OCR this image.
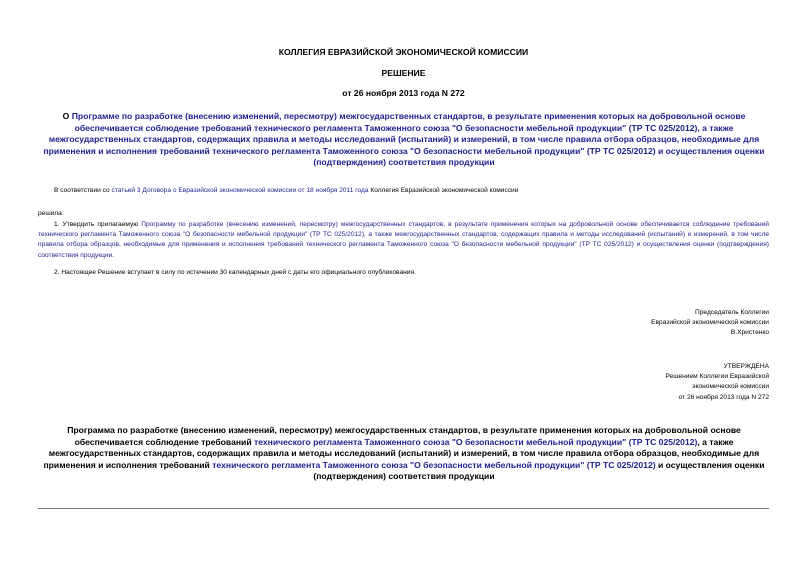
КОЛЛЕГИЯ ЕВРАЗИЙСКОЙ ЭКОНОМИЧЕСКОЙ КОМИССИИ
РЕШЕНИЕ
от 26 ноября 2013 года N 272
О Программе по разработке (внесению изменений, пересмотру) межгосударственных стандартов, в результате применения которых на добровольной основе обеспечивается соблюдение требований технического регламента Таможенного союза "О безопасности мебельной продукции" (ТР ТС 025/2012), а также межгосударственных стандартов, содержащих правила и методы исследований (испытаний) и измерений, в том числе правила отбора образцов, необходимые для применения и исполнения требований технического регламента Таможенного союза "О безопасности мебельной продукции" (ТР ТС 025/2012) и осуществления оценки (подтверждения) соответствия продукции
В соответствии со статьей 3 Договора о Евразийской экономической комиссии от 18 ноября 2011 года Коллегия Евразийской экономической комиссии
решила:
1. Утвердить прилагаемую Программу по разработке (внесению изменений, пересмотру) межгосударственных стандартов, в результате применения которых на добровольной основе обеспечивается соблюдение требований технического регламента Таможенного союза "О безопасности мебельной продукции" (ТР ТС 025/2012), а также межгосударственных стандартов, содержащих правила и методы исследований (испытаний) и измерений, в том числе правила отбора образцов, необходимые для применения и исполнения требований технического регламента Таможенного союза "О безопасности мебельной продукции" (ТР ТС 025/2012) и осуществления оценки (подтверждения) соответствия продукции.
2. Настоящее Решение вступает в силу по истечении 30 календарных дней с даты его официального опубликования.
Председатель Коллегии
Евразийской экономической комиссии
В.Христенко
УТВЕРЖДЕНА
Решением Коллегии Евразийской
экономической комиссии
от 26 ноября 2013 года N 272
Программа по разработке (внесению изменений, пересмотру) межгосударственных стандартов, в результате применения которых на добровольной основе обеспечивается соблюдение требований технического регламента Таможенного союза "О безопасности мебельной продукции" (ТР ТС 025/2012), а также межгосударственных стандартов, содержащих правила и методы исследований (испытаний) и измерений, в том числе правила отбора образцов, необходимые для применения и исполнения требований технического регламента Таможенного союза "О безопасности мебельной продукции" (ТР ТС 025/2012) и осуществления оценки (подтверждения) соответствия продукции
